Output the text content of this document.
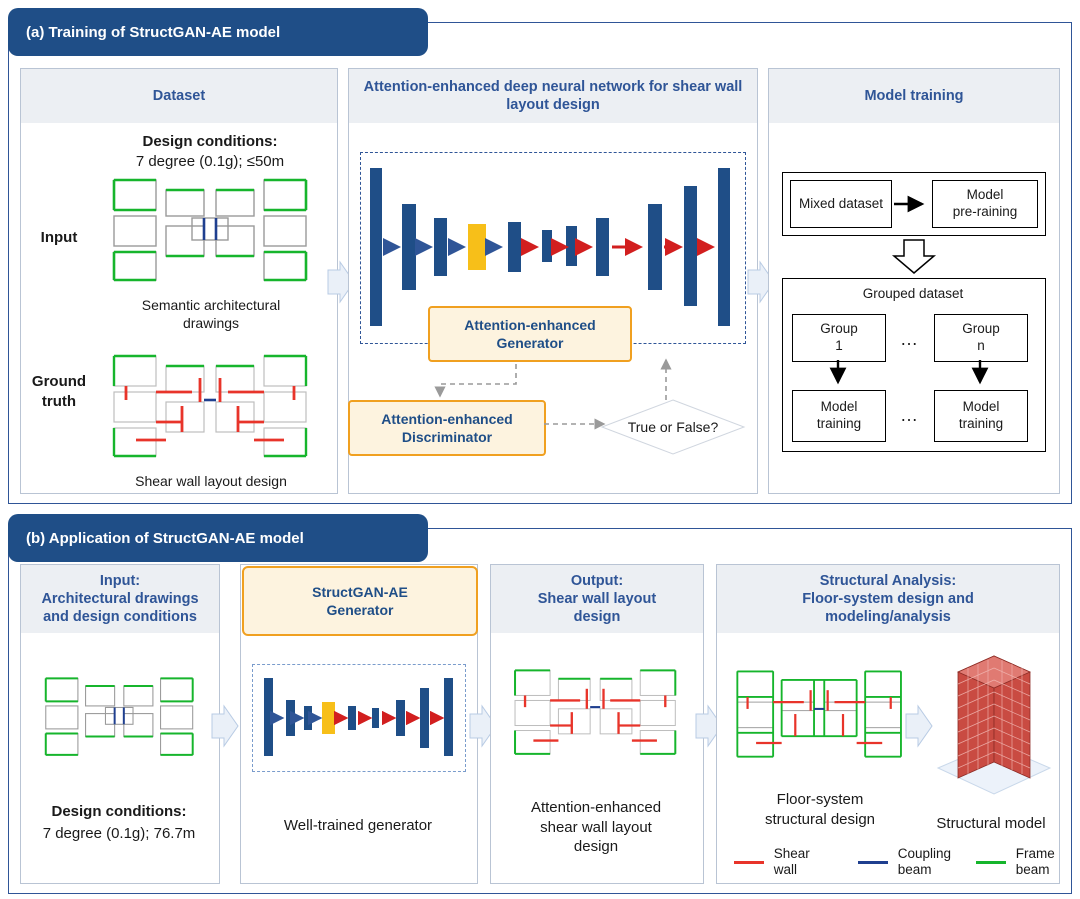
(a) Training of StructGAN-AE model
Dataset
Design conditions:
7 degree (0.1g); ≤50m
Input
Semantic architectural
drawings
Ground
truth
Shear wall layout design
Attention-enhanced deep neural network for shear wall layout design
Attention-enhanced
Generator
Attention-enhanced
Discriminator
True or False?
Model training
Mixed dataset
Model
pre-raining
Grouped dataset
Group
1
Group
n
…
Model
training
Model
training
…
(b) Application of StructGAN-AE model
Input:
Architectural drawings
and design conditions
Design conditions:
7 degree (0.1g); 76.7m
StructGAN-AE
Generator
Well-trained generator
Output:
Shear wall layout
design
Attention-enhanced
shear wall layout
design
Structural Analysis:
Floor-system design and
modeling/analysis
Floor-system
structural design	Structural model
Shear
wall
Coupling
beam
Frame
beam
